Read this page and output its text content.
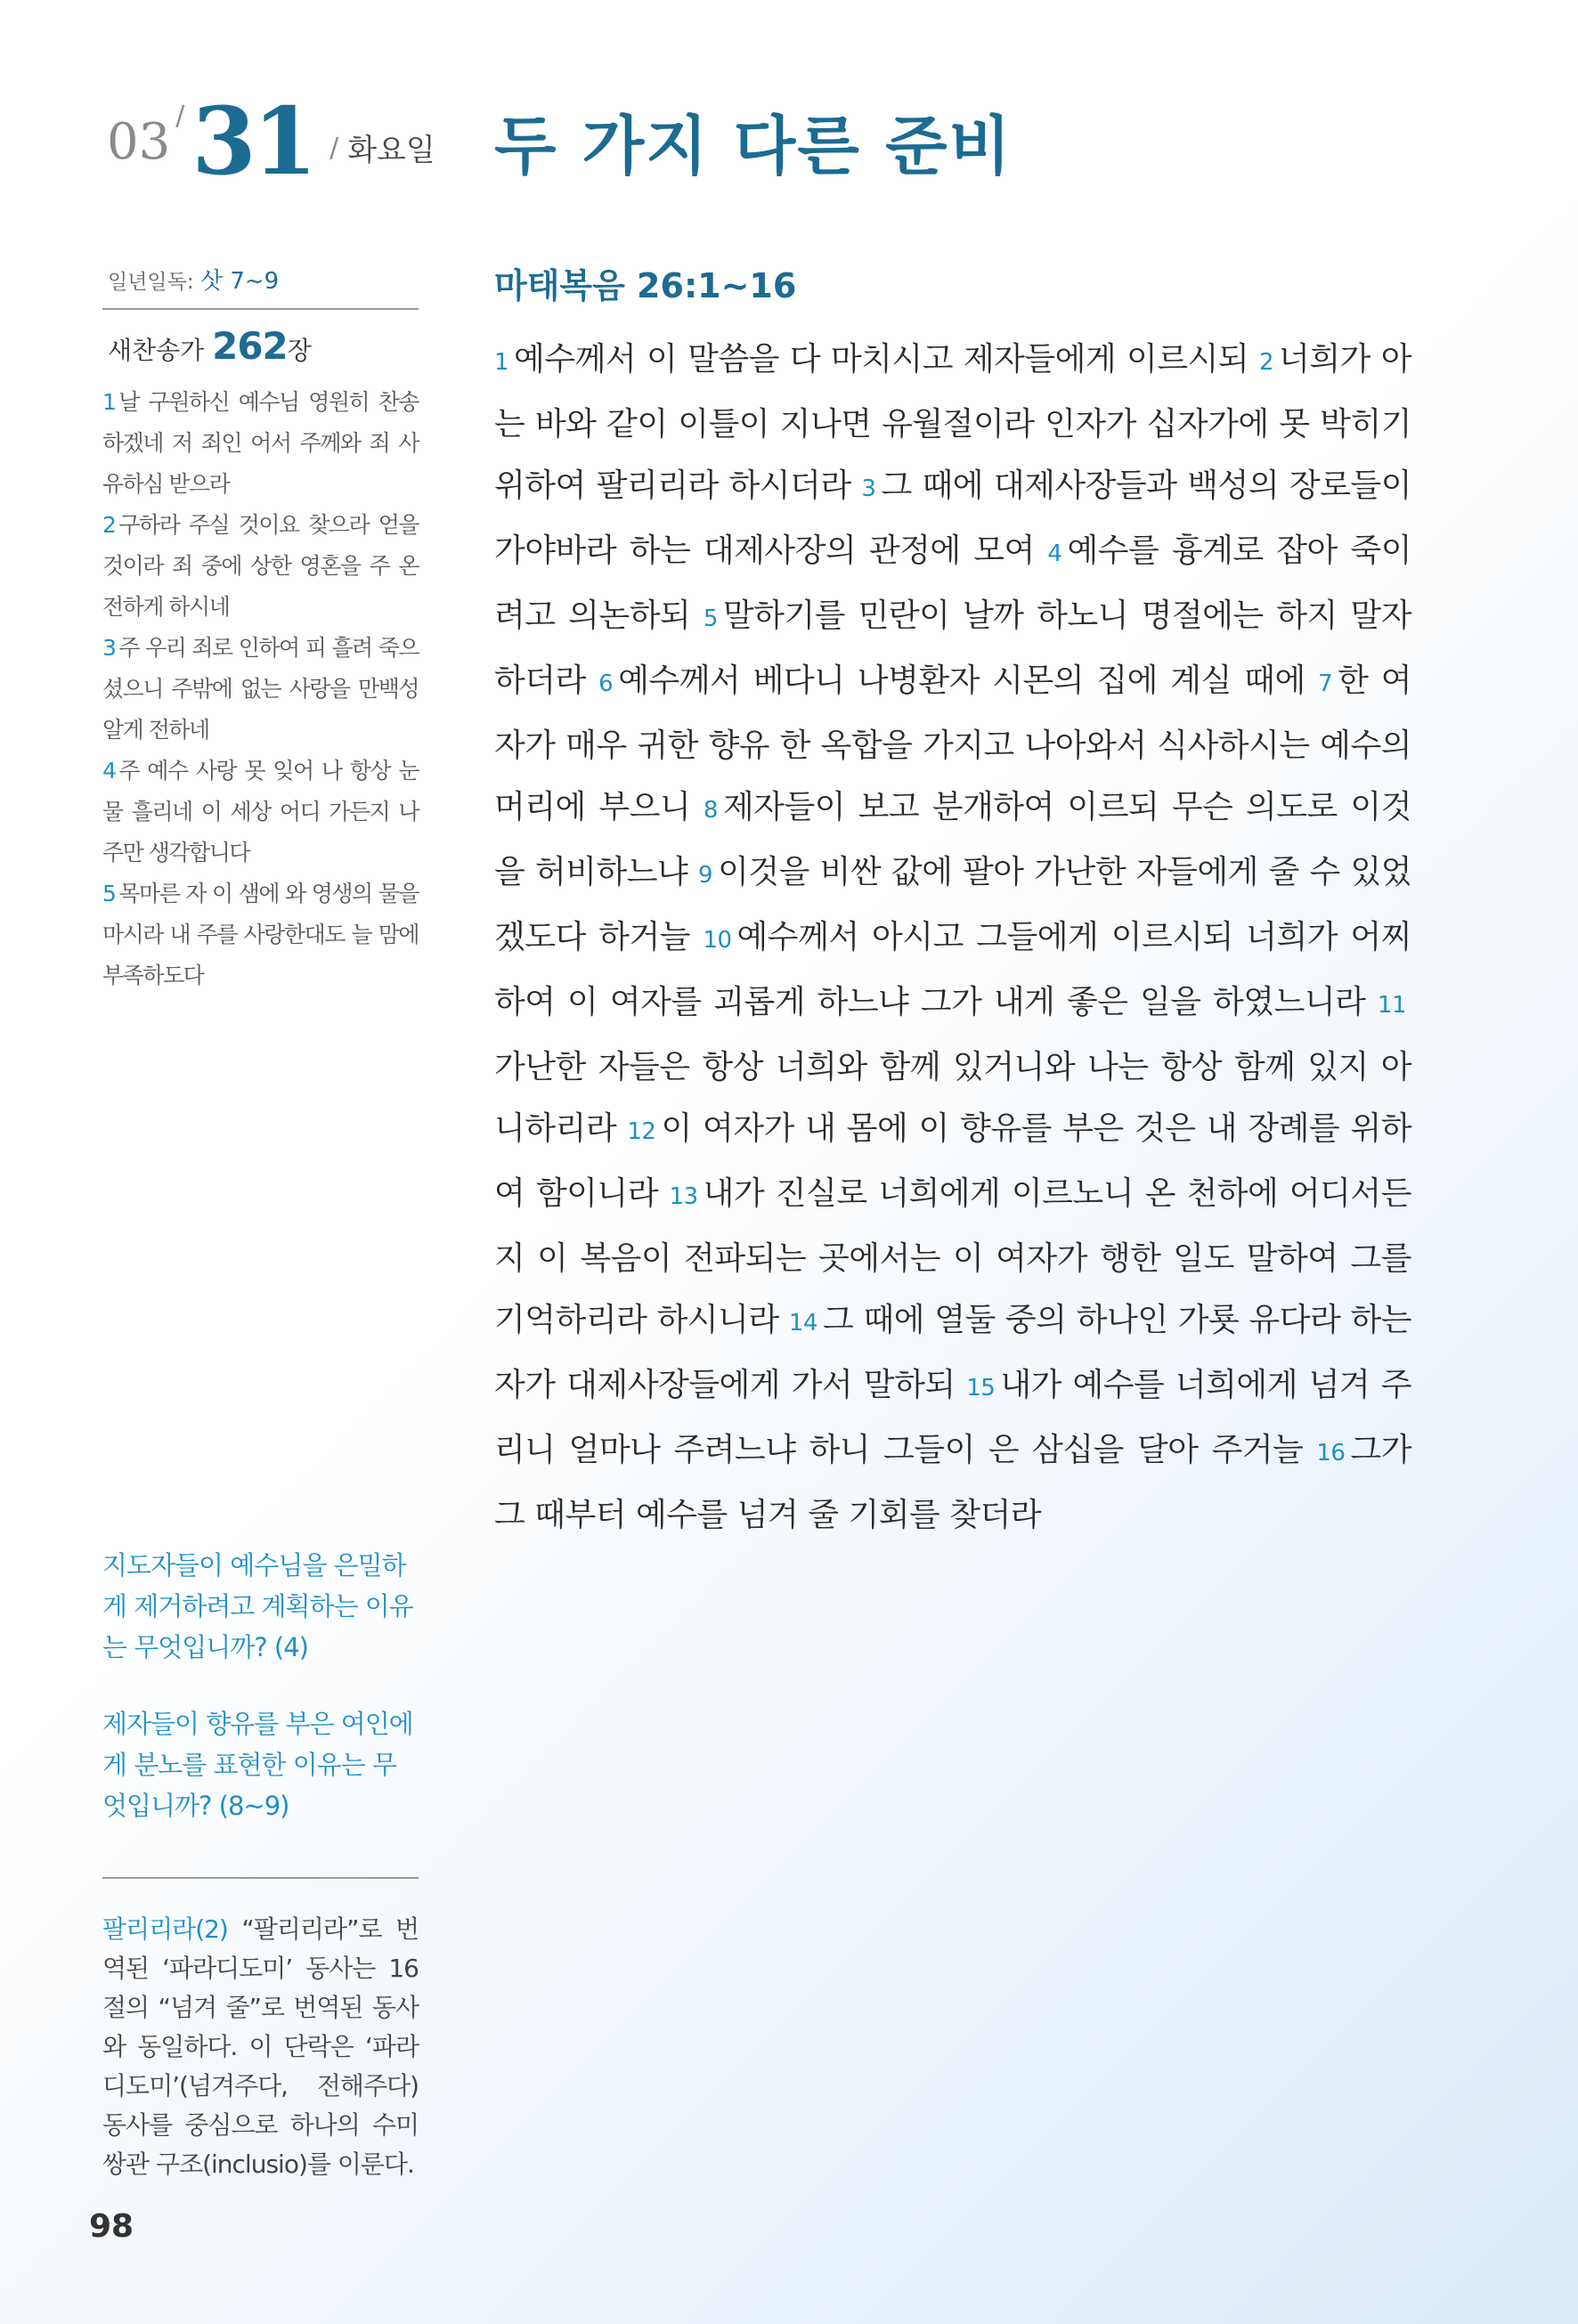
03 / 31 / 화요일 두 가지 다른 준비
일년일독: 삿 7~9
새찬송가 262장
1 날 구원하신 예수님 영원히 찬송하겠네 저 죄인 어서 주께와 죄 사유하심 받으라
2 구하라 주실 것이요 찾으라 얻을 것이라 죄 중에 상한 영혼을 주 온전하게 하시네
3 주 우리 죄로 인하여 피 흘려 죽으셨으니 주밖에 없는 사랑을 만백성 알게 전하네
4 주 예수 사랑 못 잊어 나 항상 눈물 흘리네 이 세상 어디 가든지 나 주만 생각합니다
5 목마른 자 이 샘에 와 영생의 물을 마시라 내 주를 사랑한대도 늘 맘에 부족하도다
지도자들이 예수님을 은밀하게 제거하려고 계획하는 이유는 무엇입니까? (4)
제자들이 향유를 부은 여인에게 분노를 표현한 이유는 무엇입니까? (8~9)
팔리리라(2) “팔리리라”로 번역된 ‘파라디도미’ 동사는 16절의 “넘겨 줄”로 번역된 동사와 동일하다. 이 단락은 ‘파라디도미’(넘겨주다, 전해주다) 동사를 중심으로 하나의 수미쌍관 구조(inclusio)를 이룬다.
98
마태복음 26:1~16
1 예수께서 이 말씀을 다 마치시고 제자들에게 이르시되 2 너희가 아는 바와 같이 이틀이 지나면 유월절이라 인자가 십자가에 못 박히기 위하여 팔리리라 하시더라 3 그 때에 대제사장들과 백성의 장로들이 가야바라 하는 대제사장의 관정에 모여 4 예수를 흉계로 잡아 죽이려고 의논하되 5 말하기를 민란이 날까 하노니 명절에는 하지 말자 하더라 6 예수께서 베다니 나병환자 시몬의 집에 계실 때에 7 한 여자가 매우 귀한 향유 한 옥합을 가지고 나아와서 식사하시는 예수의 머리에 부으니 8 제자들이 보고 분개하여 이르되 무슨 의도로 이것을 허비하느냐 9 이것을 비싼 값에 팔아 가난한 자들에게 줄 수 있었겠도다 하거늘 10 예수께서 아시고 그들에게 이르시되 너희가 어찌하여 이 여자를 괴롭게 하느냐 그가 내게 좋은 일을 하였느니라 11가난한 자들은 항상 너희와 함께 있거니와 나는 항상 함께 있지 아니하리라 12 이 여자가 내 몸에 이 향유를 부은 것은 내 장례를 위하여 함이니라 13 내가 진실로 너희에게 이르노니 온 천하에 어디서든지 이 복음이 전파되는 곳에서는 이 여자가 행한 일도 말하여 그를 기억하리라 하시니라 14 그 때에 열둘 중의 하나인 가룟 유다라 하는 자가 대제사장들에게 가서 말하되 15 내가 예수를 너희에게 넘겨 주리니 얼마나 주려느냐 하니 그들이 은 삼십을 달아 주거늘 16 그가 그 때부터 예수를 넘겨 줄 기회를 찾더라
